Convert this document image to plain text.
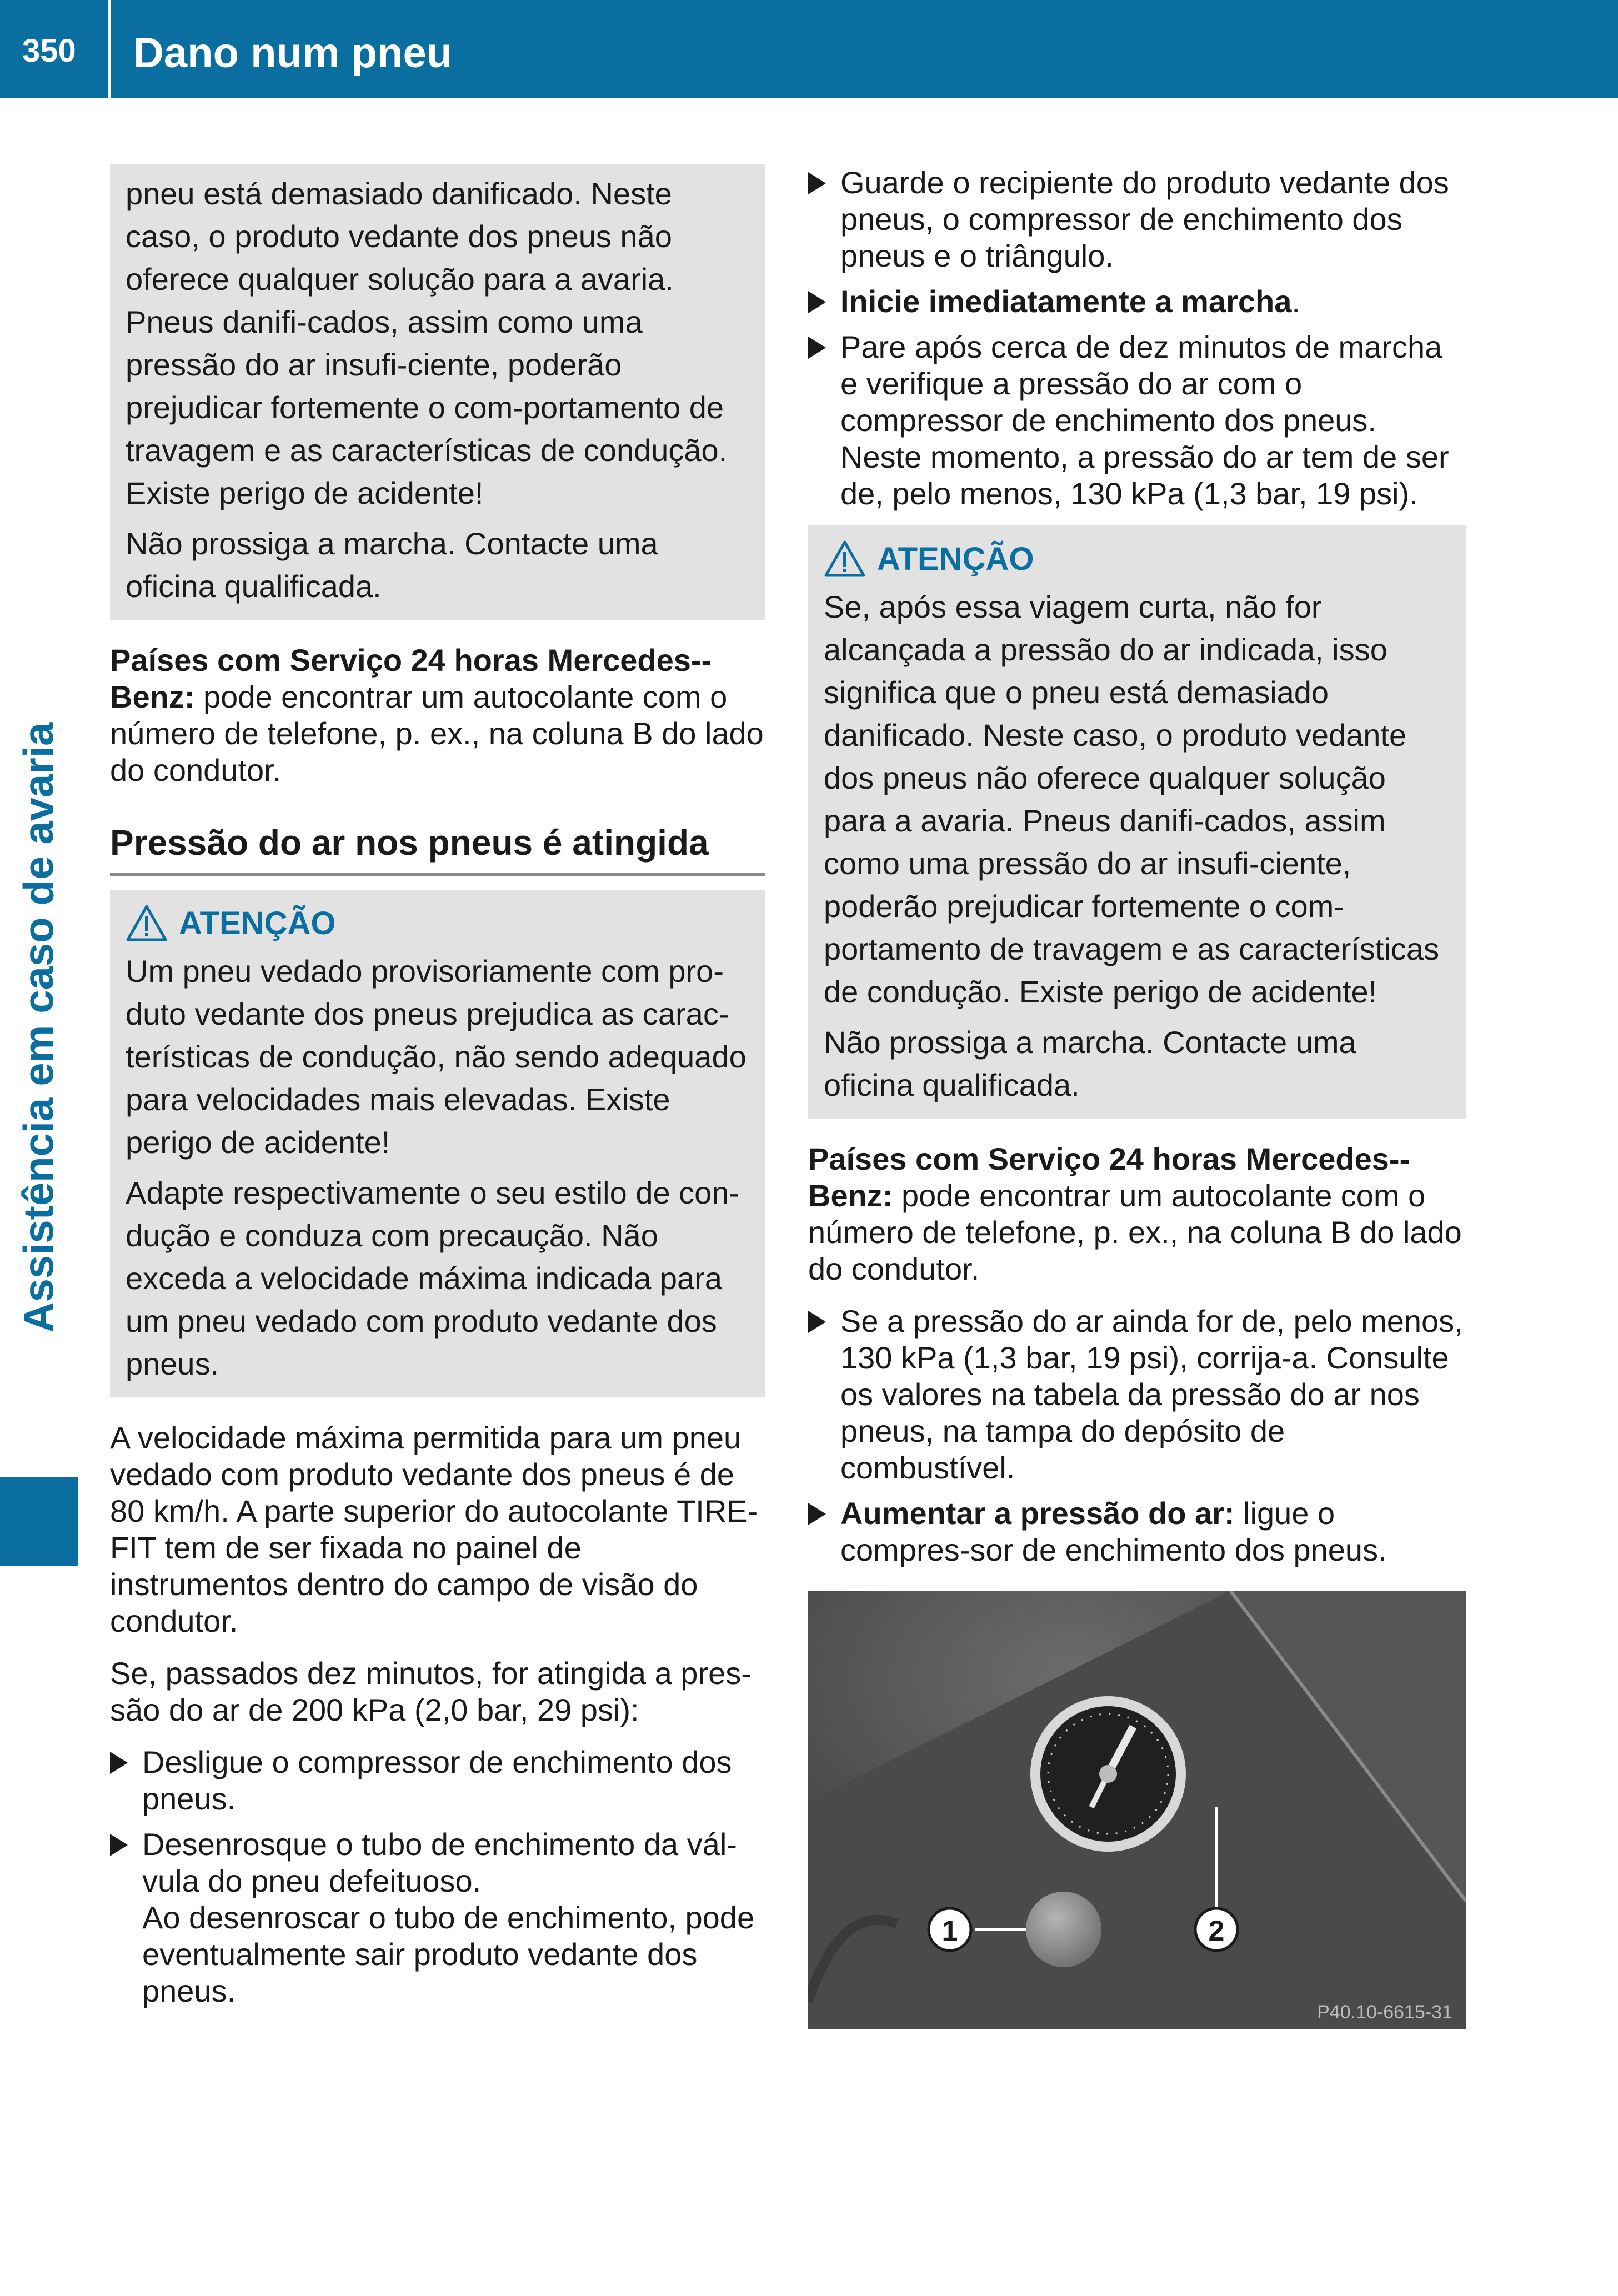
350 Dano num pneu
Assistência em caso de avaria

pneu está demasiado danificado. Neste caso, o produto vedante dos pneus não oferece qualquer solução para a avaria. Pneus danifi-cados, assim como uma pressão do ar insufi-ciente, poderão prejudicar fortemente o com-portamento de travagem e as características de condução. Existe perigo de acidente!

Não prossiga a marcha. Contacte uma oficina qualificada.

Países com Serviço 24 horas Mercedes--Benz: pode encontrar um autocolante com o número de telefone, p. ex., na coluna B do lado do condutor.

Pressão do ar nos pneus é atingida
ATENÇÃO

Um pneu vedado provisoriamente com pro-duto vedante dos pneus prejudica as carac-terísticas de condução, não sendo adequado para velocidades mais elevadas. Existe perigo de acidente!

Adapte respectivamente o seu estilo de con-dução e conduza com precaução. Não exceda a velocidade máxima indicada para um pneu vedado com produto vedante dos pneus.

A velocidade máxima permitida para um pneu vedado com produto vedante dos pneus é de 80 km/h. A parte superior do autocolante TIRE-FIT tem de ser fixada no painel de instrumentos dentro do campo de visão do condutor.

Se, passados dez minutos, for atingida a pres-são do ar de 200 kPa (2,0 bar, 29 psi):

Desligue o compressor de enchimento dos pneus.
Desenrosque o tubo de enchimento da vál-vula do pneu defeituoso.
Ao desenroscar o tubo de enchimento, pode eventualmente sair produto vedante dos pneus.
Guarde o recipiente do produto vedante dos pneus, o compressor de enchimento dos pneus e o triângulo.
Inicie imediatamente a marcha.
Pare após cerca de dez minutos de marcha e verifique a pressão do ar com o compressor de enchimento dos pneus.
Neste momento, a pressão do ar tem de ser de, pelo menos, 130 kPa (1,3 bar, 19 psi).
ATENÇÃO

Se, após essa viagem curta, não for alcançada a pressão do ar indicada, isso significa que o pneu está demasiado danificado. Neste caso, o produto vedante dos pneus não oferece qualquer solução para a avaria. Pneus danifi-cados, assim como uma pressão do ar insufi-ciente, poderão prejudicar fortemente o com-portamento de travagem e as características de condução. Existe perigo de acidente!

Não prossiga a marcha. Contacte uma oficina qualificada.

Países com Serviço 24 horas Mercedes--Benz: pode encontrar um autocolante com o número de telefone, p. ex., na coluna B do lado do condutor.

Se a pressão do ar ainda for de, pelo menos, 130 kPa (1,3 bar, 19 psi), corrija-a. Consulte os valores na tabela da pressão do ar nos pneus, na tampa do depósito de combustível.
Aumentar a pressão do ar: ligue o compres-sor de enchimento dos pneus.
1	2
P40.10-6615-31
